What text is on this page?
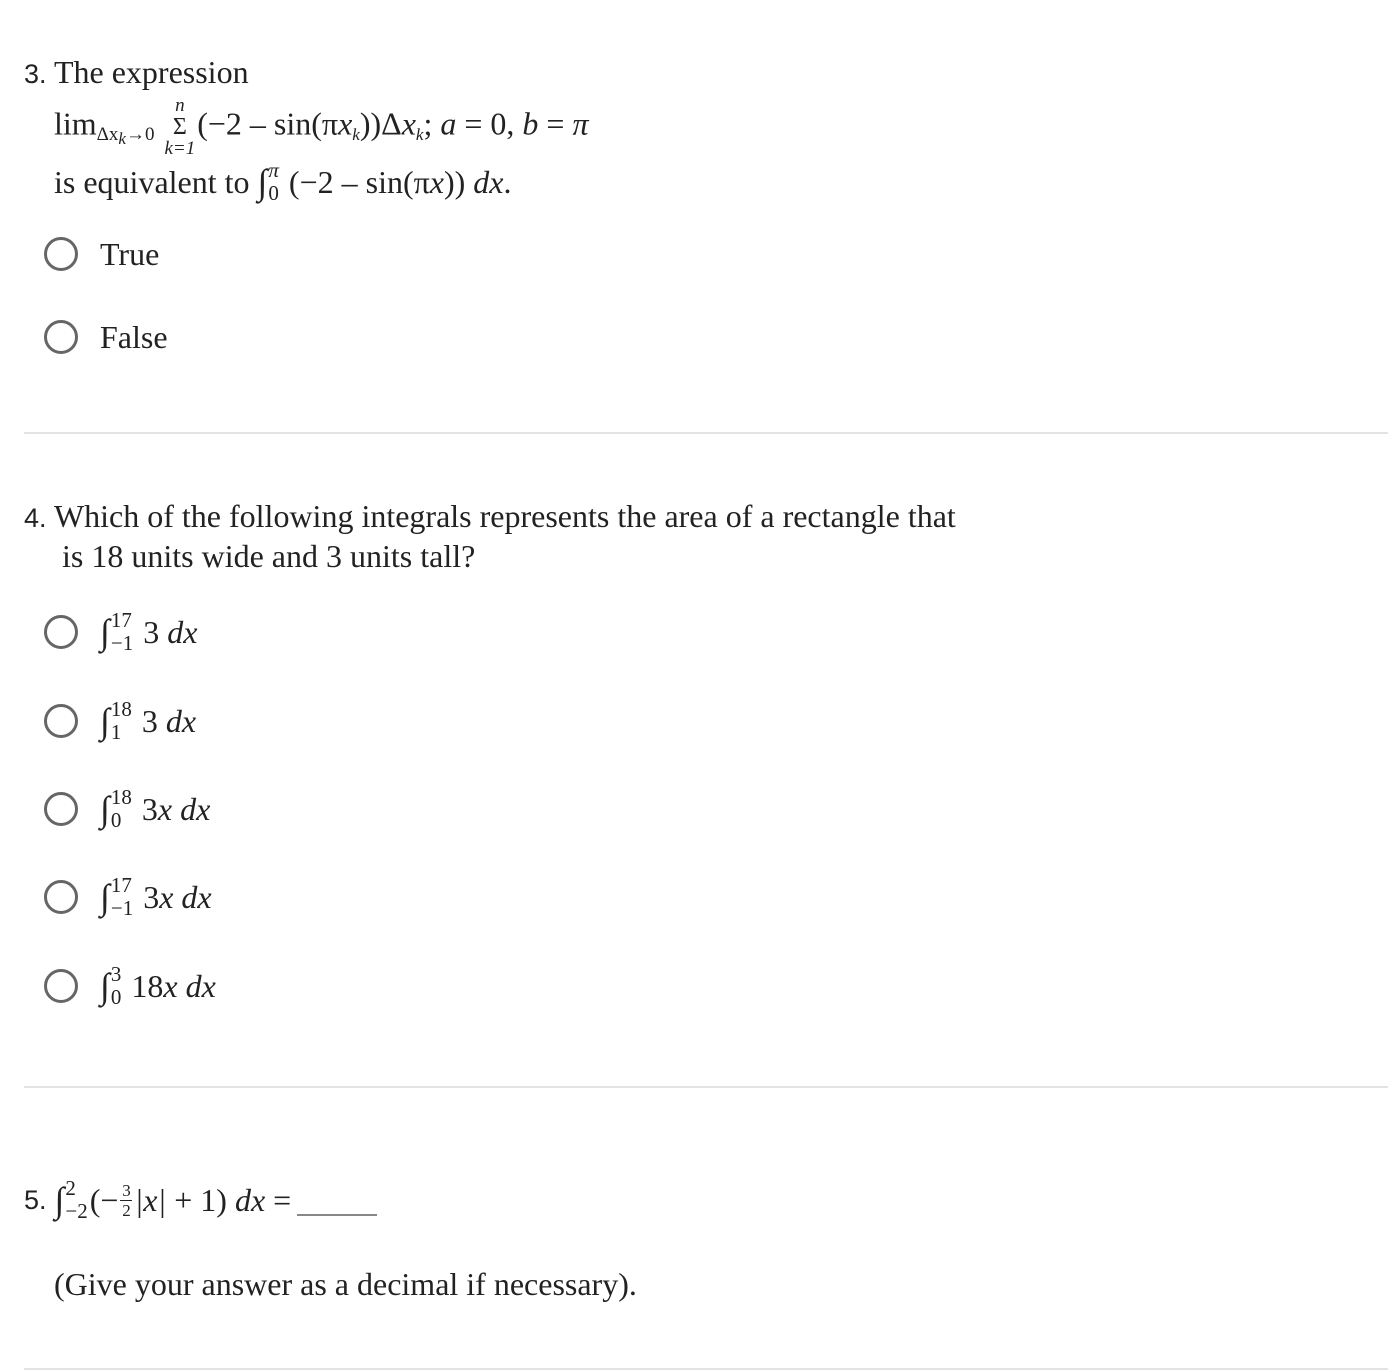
3. The expression
limΔxk→0
n
Σ
k=1
(−2 – sin(πxk))Δxk; a = 0, b = π
is equivalent to ∫ π
0 (−2 – sin(π x )) dx .
True
False
4. Which of the following integrals represents the area of a rectangle that
is 18 units wide and 3 units tall?
∫ 17
−1 3
dx
∫ 18
1 3
dx
∫ 18
0 3 x
dx
∫ 17
−1 3 x
dx
∫ 3
0 18 x
dx
5.
∫ 2
−2 (− $\frac{3}{2} |x| + 1$) dx =
(Give your answer as a decimal if necessary).
